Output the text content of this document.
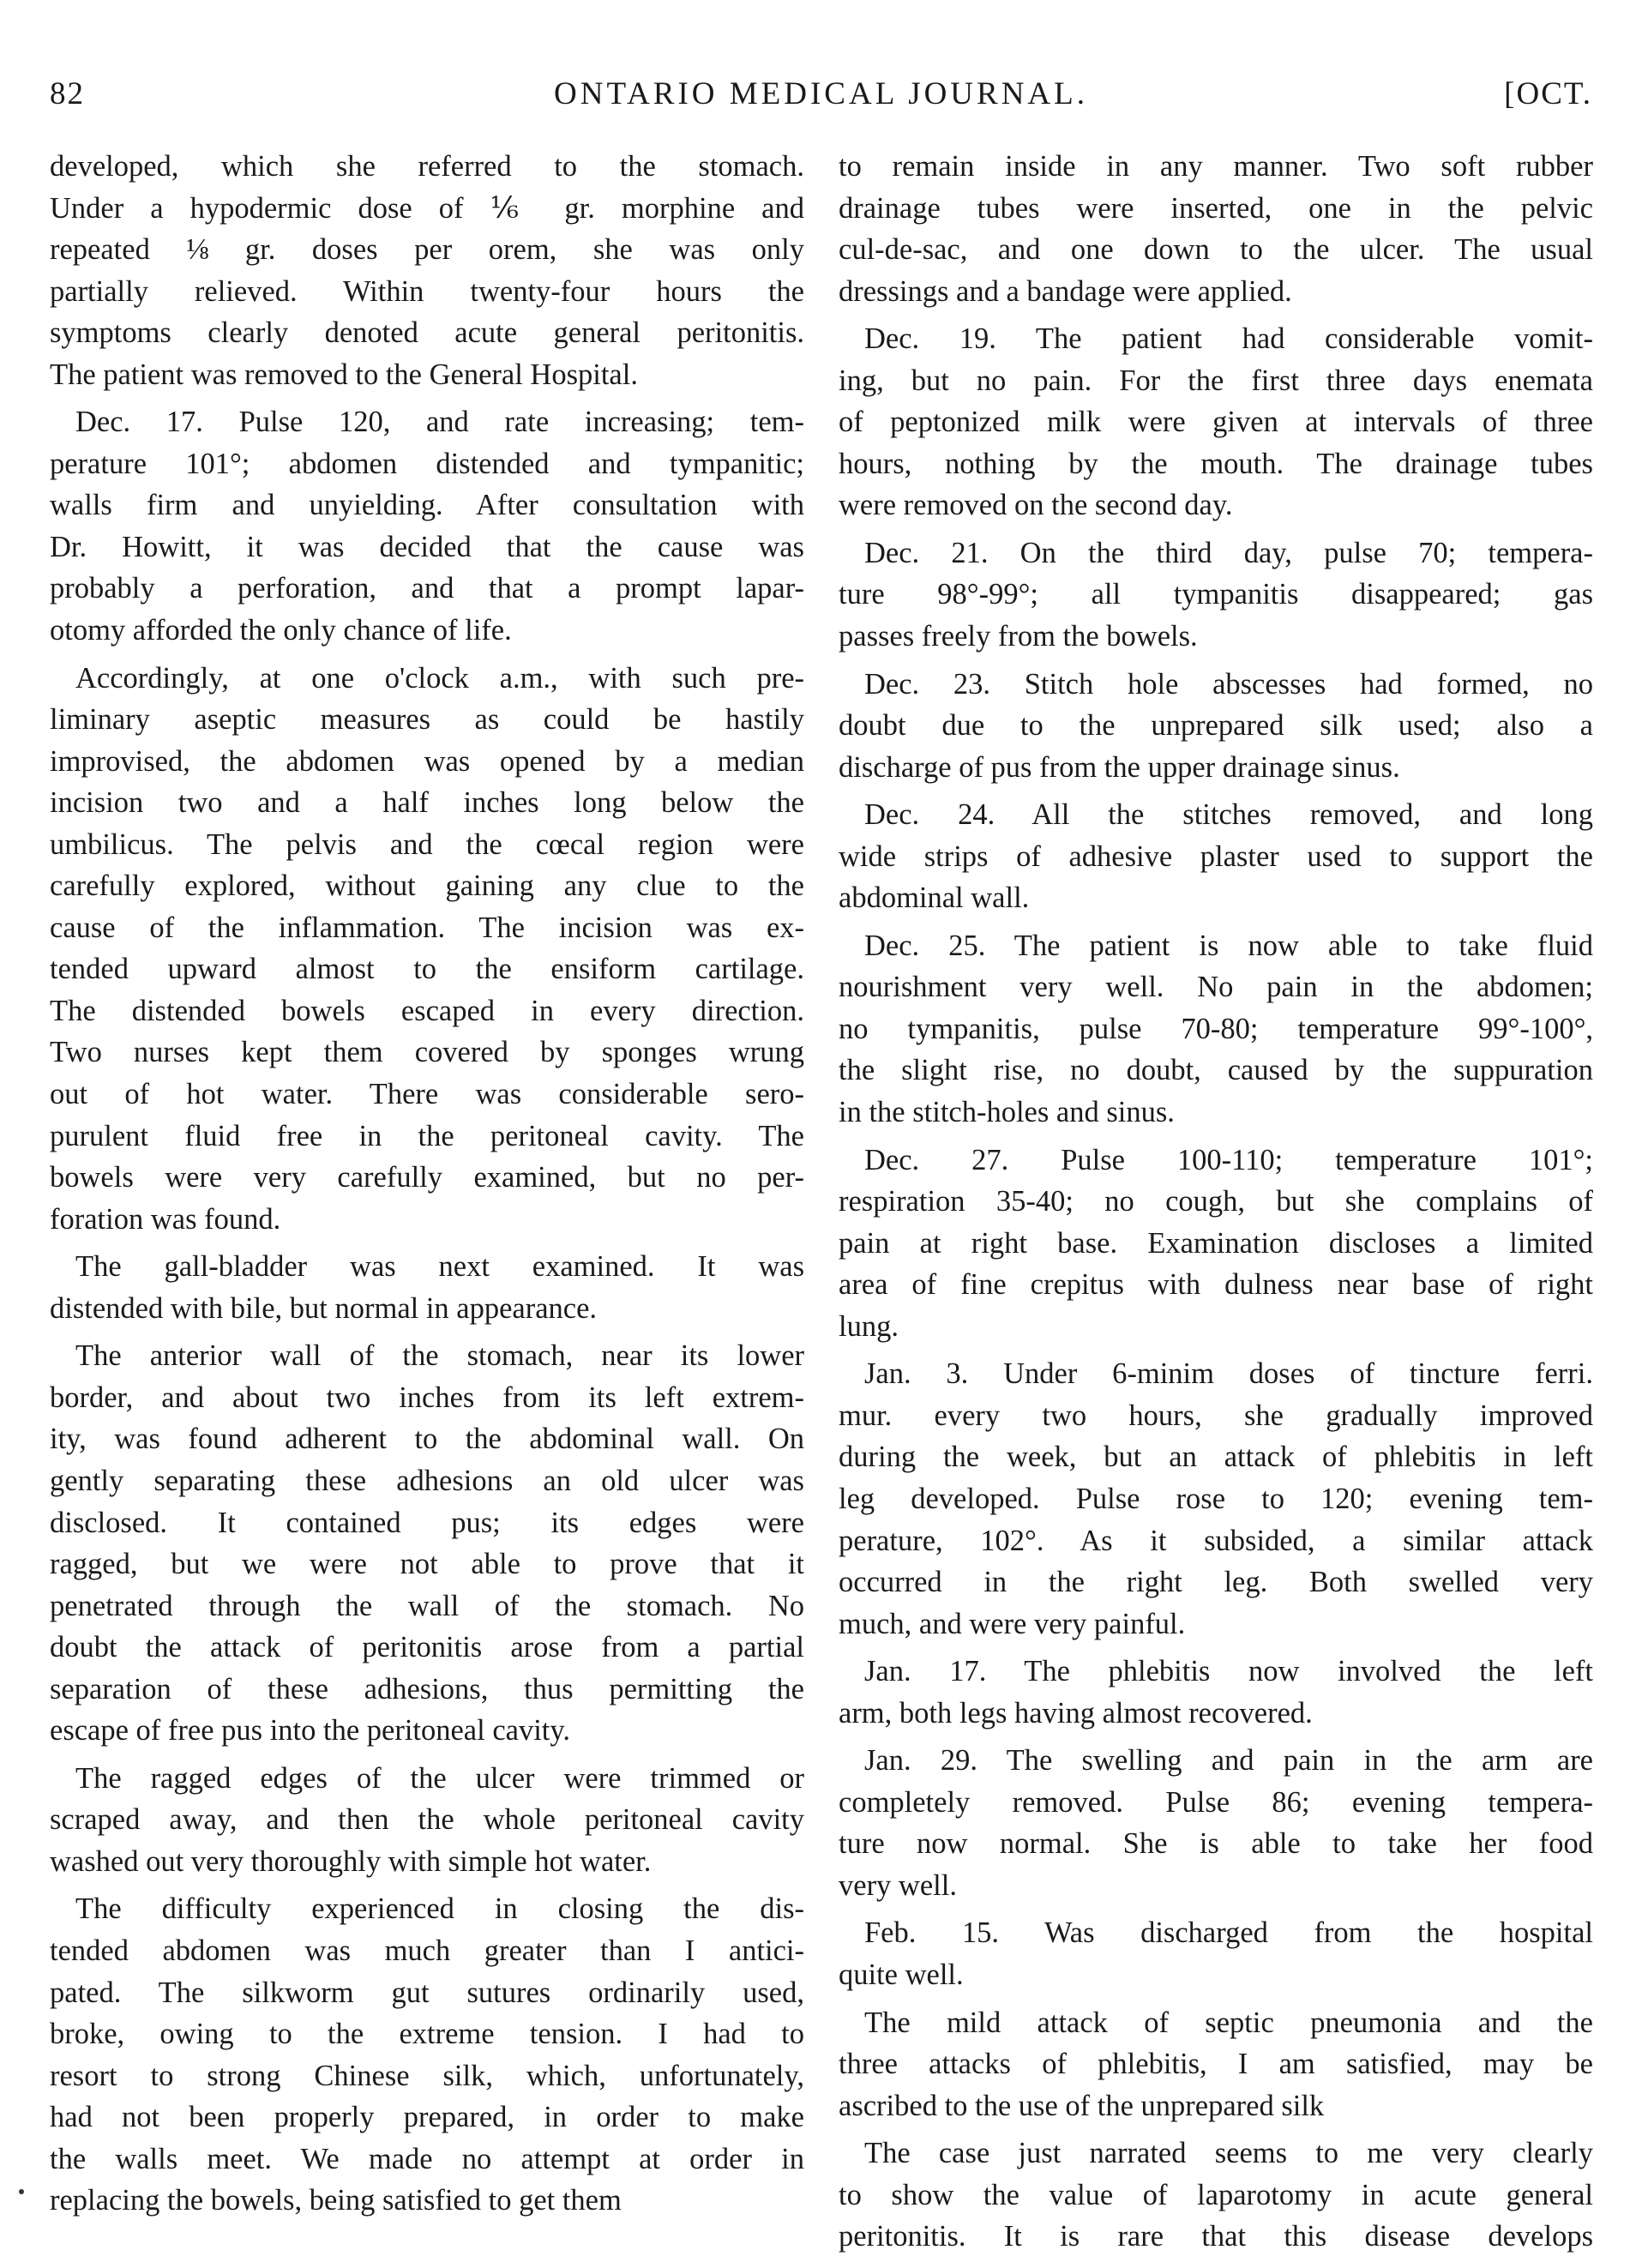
82	ONTARIO MEDICAL JOURNAL.	[OCT.
developed, which she referred to the stomach.
Under a hypodermic dose of ⅙ gr. morphine and
repeated ⅛ gr. doses per orem, she was only
partially relieved. Within twenty-four hours the
symptoms clearly denoted acute general peritonitis.
The patient was removed to the General Hospital.
Dec. 17. Pulse 120, and rate increasing; tem-
perature 101°; abdomen distended and tympanitic;
walls firm and unyielding. After consultation with
Dr. Howitt, it was decided that the cause was
probably a perforation, and that a prompt lapar-
otomy afforded the only chance of life.
Accordingly, at one o'clock a.m., with such pre-
liminary aseptic measures as could be hastily
improvised, the abdomen was opened by a median
incision two and a half inches long below the
umbilicus. The pelvis and the cœcal region were
carefully explored, without gaining any clue to the
cause of the inflammation. The incision was ex-
tended upward almost to the ensiform cartilage.
The distended bowels escaped in every direction.
Two nurses kept them covered by sponges wrung
out of hot water. There was considerable sero-
purulent fluid free in the peritoneal cavity. The
bowels were very carefully examined, but no per-
foration was found.
The gall-bladder was next examined. It was
distended with bile, but normal in appearance.
The anterior wall of the stomach, near its lower
border, and about two inches from its left extrem-
ity, was found adherent to the abdominal wall. On
gently separating these adhesions an old ulcer was
disclosed. It contained pus; its edges were
ragged, but we were not able to prove that it
penetrated through the wall of the stomach. No
doubt the attack of peritonitis arose from a partial
separation of these adhesions, thus permitting the
escape of free pus into the peritoneal cavity.
The ragged edges of the ulcer were trimmed or
scraped away, and then the whole peritoneal cavity
washed out very thoroughly with simple hot water.
The difficulty experienced in closing the dis-
tended abdomen was much greater than I antici-
pated. The silkworm gut sutures ordinarily used,
broke, owing to the extreme tension. I had to
resort to strong Chinese silk, which, unfortunately,
had not been properly prepared, in order to make
the walls meet. We made no attempt at order in
replacing the bowels, being satisfied to get them
to remain inside in any manner. Two soft rubber
drainage tubes were inserted, one in the pelvic
cul-de-sac, and one down to the ulcer. The usual
dressings and a bandage were applied.
Dec. 19. The patient had considerable vomit-
ing, but no pain. For the first three days enemata
of peptonized milk were given at intervals of three
hours, nothing by the mouth. The drainage tubes
were removed on the second day.
Dec. 21. On the third day, pulse 70; tempera-
ture 98°-99°; all tympanitis disappeared; gas
passes freely from the bowels.
Dec. 23. Stitch hole abscesses had formed, no
doubt due to the unprepared silk used; also a
discharge of pus from the upper drainage sinus.
Dec. 24. All the stitches removed, and long
wide strips of adhesive plaster used to support the
abdominal wall.
Dec. 25. The patient is now able to take fluid
nourishment very well. No pain in the abdomen;
no tympanitis, pulse 70-80; temperature 99°-100°,
the slight rise, no doubt, caused by the suppuration
in the stitch-holes and sinus.
Dec. 27. Pulse 100-110; temperature 101°;
respiration 35-40; no cough, but she complains of
pain at right base. Examination discloses a limited
area of fine crepitus with dulness near base of right
lung.
Jan. 3. Under 6-minim doses of tincture ferri.
mur. every two hours, she gradually improved
during the week, but an attack of phlebitis in left
leg developed. Pulse rose to 120; evening tem-
perature, 102°. As it subsided, a similar attack
occurred in the right leg. Both swelled very
much, and were very painful.
Jan. 17. The phlebitis now involved the left
arm, both legs having almost recovered.
Jan. 29. The swelling and pain in the arm are
completely removed. Pulse 86; evening tempera-
ture now normal. She is able to take her food
very well.
Feb. 15. Was discharged from the hospital
quite well.
The mild attack of septic pneumonia and the
three attacks of phlebitis, I am satisfied, may be
ascribed to the use of the unprepared silk
The case just narrated seems to me very clearly
to show the value of laparotomy in acute general
peritonitis. It is rare that this disease develops
